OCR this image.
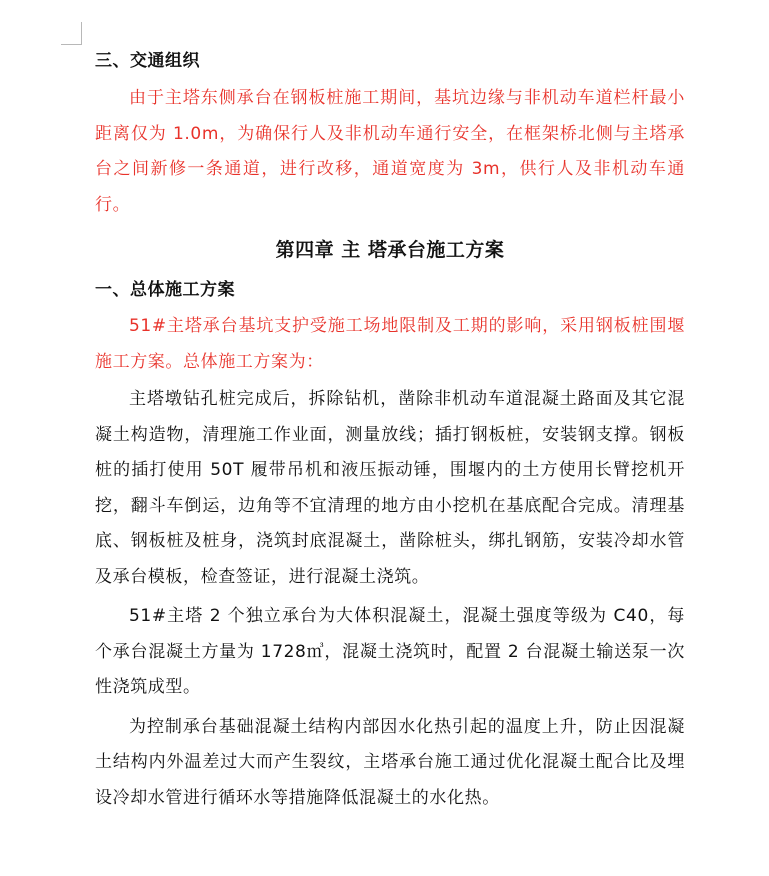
三、交通组织

由于主塔东侧承台在钢板桩施工期间，基坑边缘与非机动车道栏杆最小距离仅为 1.0m，为确保行人及非机动车通行安全，在框架桥北侧与主塔承台之间新修一条通道，进行改移，通道宽度为 3m，供行人及非机动车通行。

第四章 主 塔承台施工方案

一、总体施工方案

51#主塔承台基坑支护受施工场地限制及工期的影响，采用钢板桩围堰施工方案。总体施工方案为：

主塔墩钻孔桩完成后，拆除钻机，凿除非机动车道混凝土路面及其它混凝土构造物，清理施工作业面，测量放线；插打钢板桩，安装钢支撑。钢板桩的插打使用 50T 履带吊机和液压振动锤，围堰内的土方使用长臂挖机开挖，翻斗车倒运，边角等不宜清理的地方由小挖机在基底配合完成。清理基底、钢板桩及桩身，浇筑封底混凝土，凿除桩头，绑扎钢筋，安装冷却水管及承台模板，检查签证，进行混凝土浇筑。

51#主塔 2 个独立承台为大体积混凝土，混凝土强度等级为 C40，每个承台混凝土方量为 1728㎥，混凝土浇筑时，配置 2 台混凝土输送泵一次性浇筑成型。

为控制承台基础混凝土结构内部因水化热引起的温度上升，防止因混凝土结构内外温差过大而产生裂纹，主塔承台施工通过优化混凝土配合比及埋设冷却水管进行循环水等措施降低混凝土的水化热。
